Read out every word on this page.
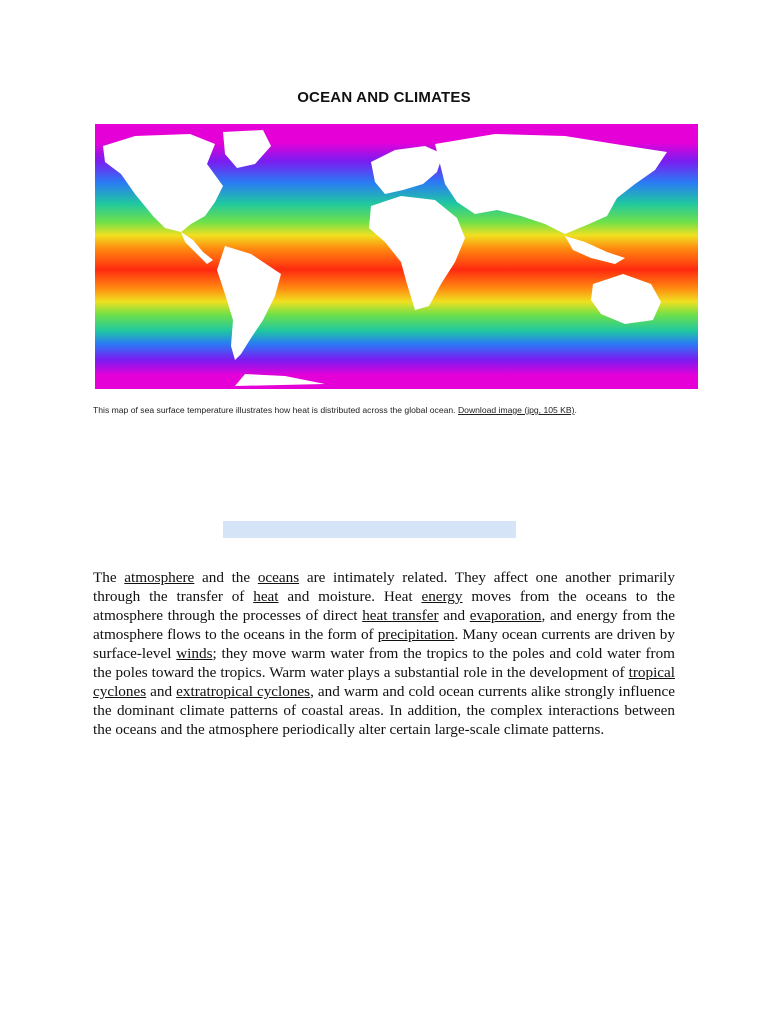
OCEAN AND CLIMATES

This map of sea surface temperature illustrates how heat is distributed across the global ocean. Download image (jpg, 105 KB).

The atmosphere and the oceans are intimately related. They affect one another primarily through the transfer of heat and moisture. Heat energy moves from the oceans to the atmosphere through the processes of direct heat transfer and evaporation, and energy from the atmosphere flows to the oceans in the form of precipitation. Many ocean currents are driven by surface-level winds; they move warm water from the tropics to the poles and cold water from the poles toward the tropics. Warm water plays a substantial role in the development of tropical cyclones and extratropical cyclones, and warm and cold ocean currents alike strongly influence the dominant climate patterns of coastal areas. In addition, the complex interactions between the oceans and the atmosphere periodically alter certain large-scale climate patterns.
